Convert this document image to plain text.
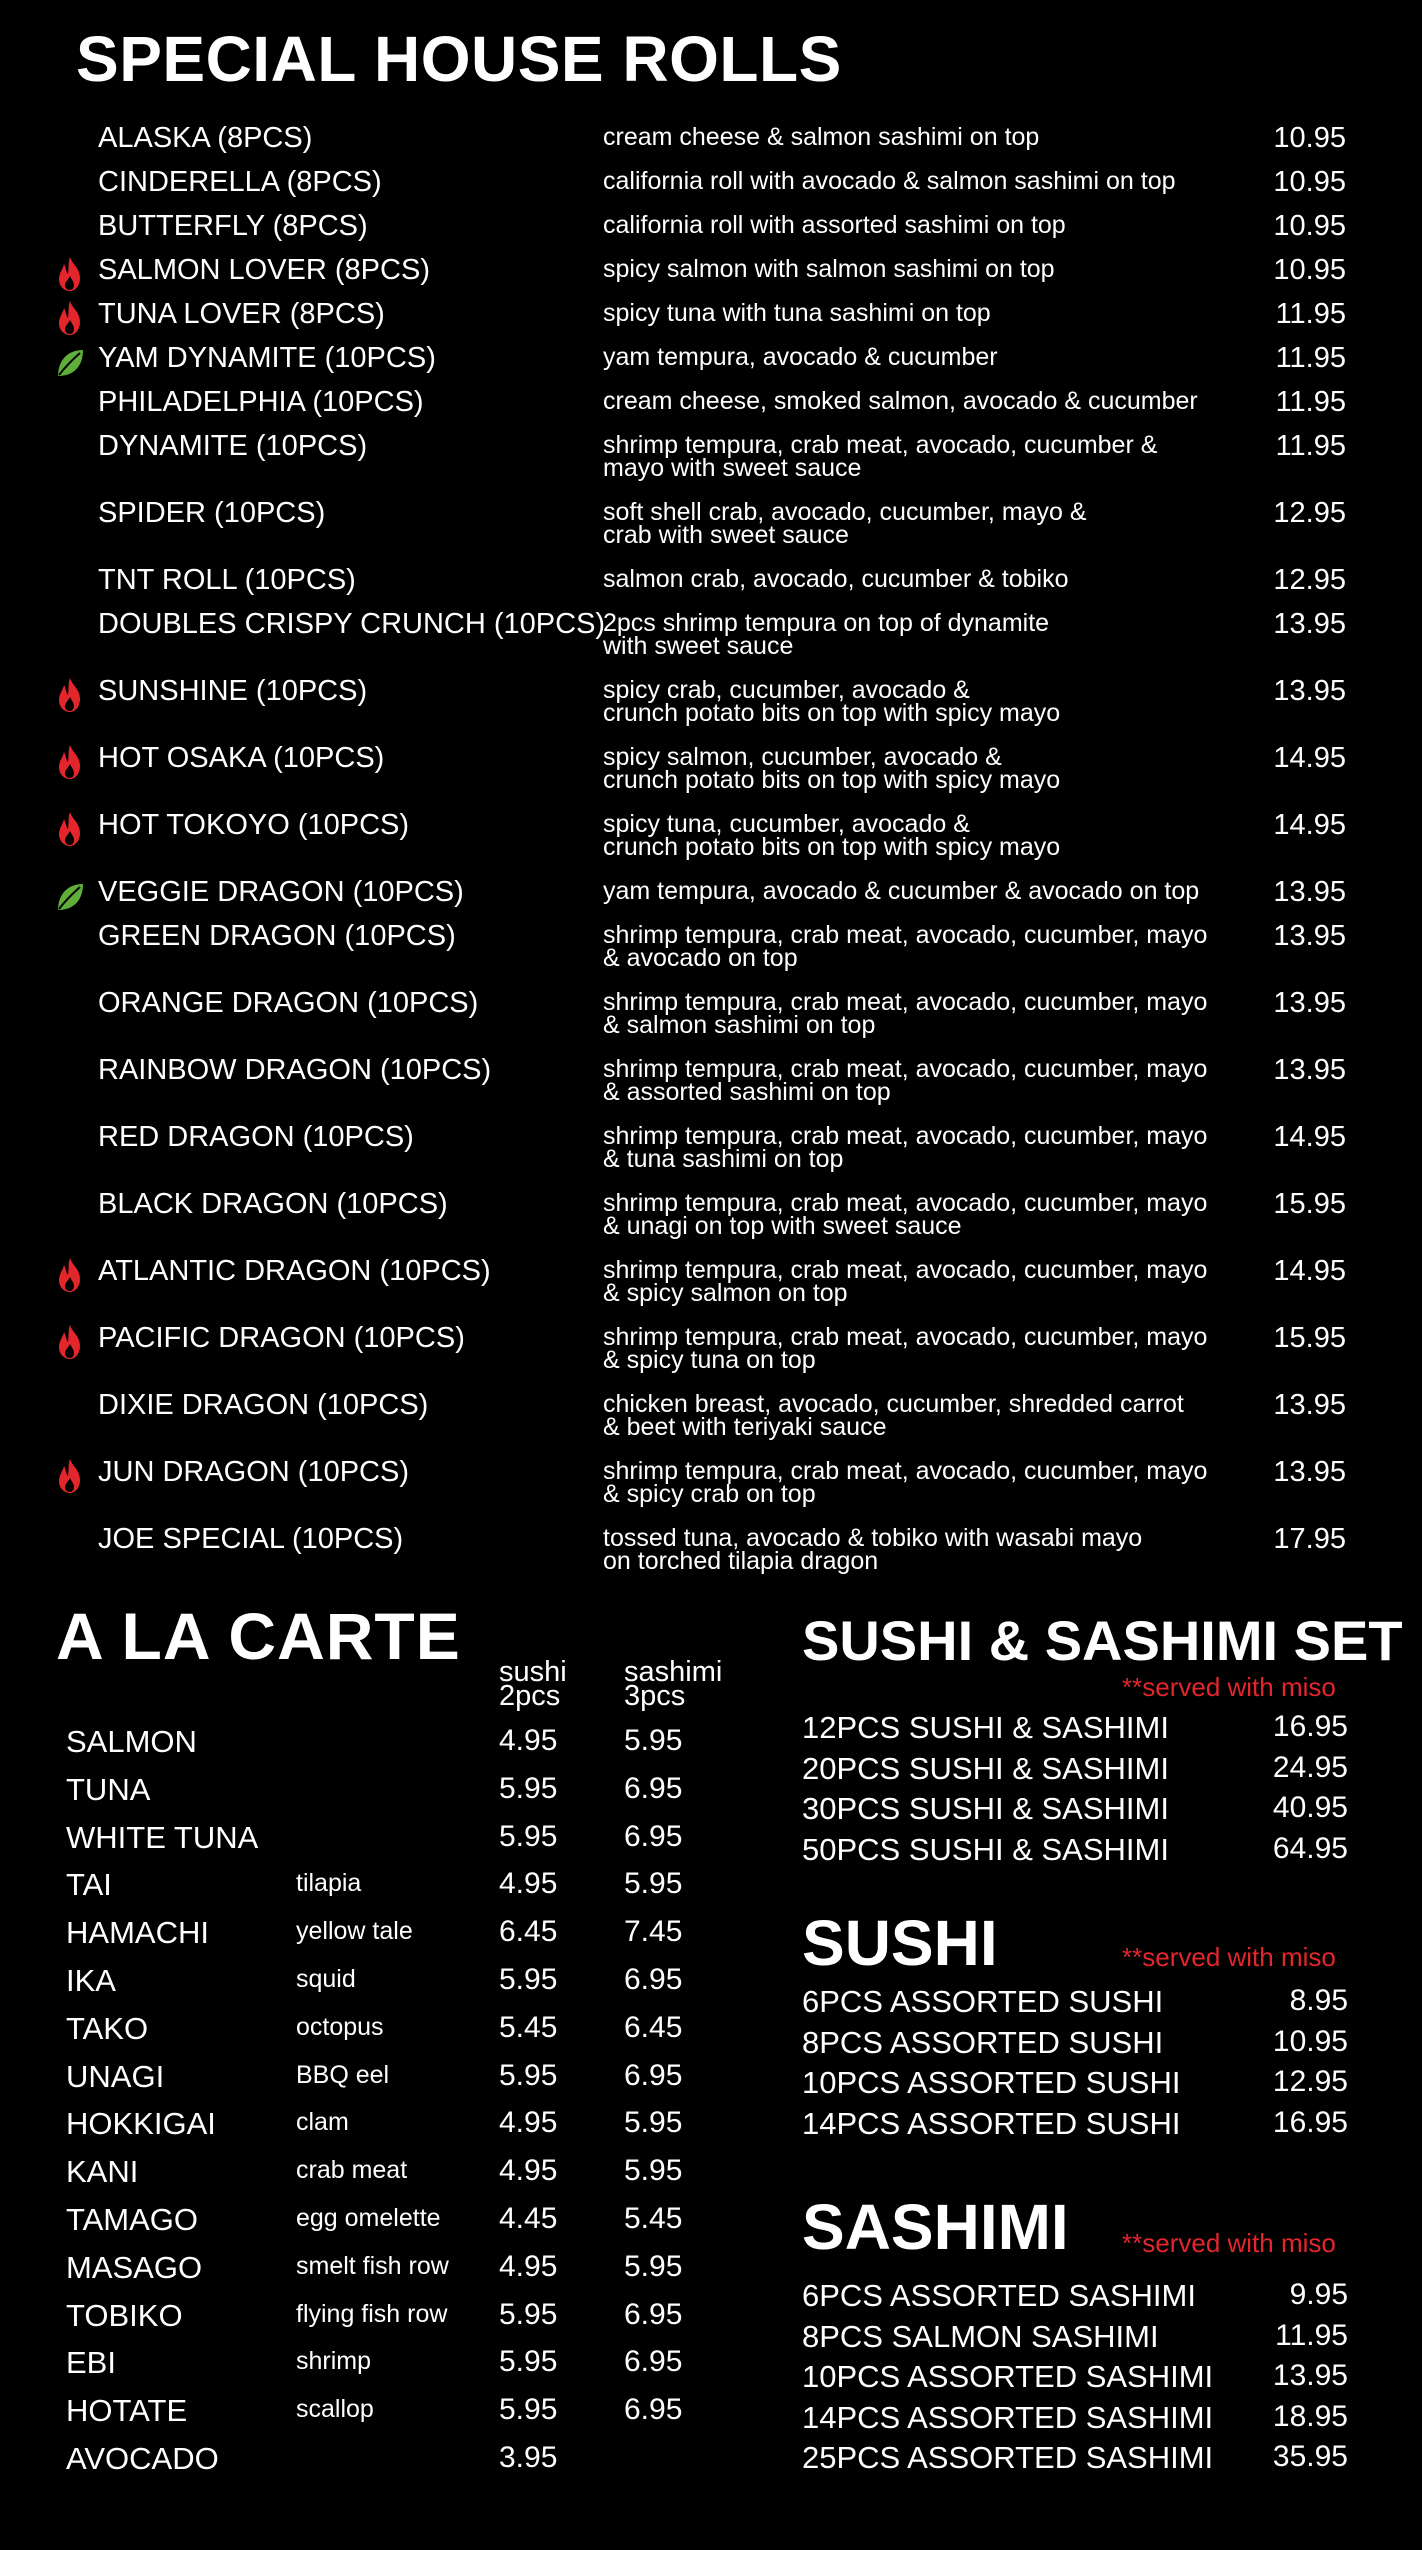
SPECIAL HOUSE ROLLS
ALASKA (8PCS)	cream cheese & salmon sashimi on top	10.95
CINDERELLA (8PCS)	california roll with avocado & salmon sashimi on top	10.95
BUTTERFLY (8PCS)	california roll with assorted sashimi on top	10.95
SALMON LOVER (8PCS)	spicy salmon with salmon sashimi on top	10.95
TUNA LOVER (8PCS)	spicy tuna with tuna sashimi on top	11.95
YAM DYNAMITE (10PCS)	yam tempura, avocado & cucumber	11.95
PHILADELPHIA (10PCS)	cream cheese, smoked salmon, avocado & cucumber	11.95
DYNAMITE (10PCS)	shrimp tempura, crab meat, avocado, cucumber &
mayo with sweet sauce
11.95
SPIDER (10PCS)	soft shell crab, avocado, cucumber, mayo &
crab with sweet sauce
12.95
TNT ROLL (10PCS)	salmon crab, avocado, cucumber & tobiko	12.95
DOUBLES CRISPY CRUNCH (10PCS)
2pcs shrimp tempura on top of dynamite
with sweet sauce
13.95
SUNSHINE (10PCS)	spicy crab, cucumber, avocado &
crunch potato bits on top with spicy mayo
13.95
HOT OSAKA (10PCS)	spicy salmon, cucumber, avocado &
crunch potato bits on top with spicy mayo
14.95
HOT TOKOYO (10PCS)	spicy tuna, cucumber, avocado &
crunch potato bits on top with spicy mayo
14.95
VEGGIE DRAGON (10PCS)	yam tempura, avocado & cucumber & avocado on top	13.95
GREEN DRAGON (10PCS)	shrimp tempura, crab meat, avocado, cucumber, mayo
& avocado on top
13.95
ORANGE DRAGON (10PCS)	shrimp tempura, crab meat, avocado, cucumber, mayo
& salmon sashimi on top
13.95
RAINBOW DRAGON (10PCS)	shrimp tempura, crab meat, avocado, cucumber, mayo
& assorted sashimi on top
13.95
RED DRAGON (10PCS)	shrimp tempura, crab meat, avocado, cucumber, mayo
& tuna sashimi on top
14.95
BLACK DRAGON (10PCS)	shrimp tempura, crab meat, avocado, cucumber, mayo
& unagi on top with sweet sauce
15.95
ATLANTIC DRAGON (10PCS)	shrimp tempura, crab meat, avocado, cucumber, mayo
& spicy salmon on top
14.95
PACIFIC DRAGON (10PCS)	shrimp tempura, crab meat, avocado, cucumber, mayo
& spicy tuna on top
15.95
DIXIE DRAGON (10PCS)	chicken breast, avocado, cucumber, shredded carrot
& beet with teriyaki sauce
13.95
JUN DRAGON (10PCS)	shrimp tempura, crab meat, avocado, cucumber, mayo
& spicy crab on top
13.95
JOE SPECIAL (10PCS)	tossed tuna, avocado & tobiko with wasabi mayo
on torched tilapia dragon
17.95
A LA CARTE sushi
2pcs
sashimi
3pcs
SALMON	4.95 5.95
TUNA	5.95 6.95
WHITE TUNA	5.95 6.95
TAI	tilapia	4.95 5.95
HAMACHI	yellow tale	6.45 7.45
IKA	squid	5.95 6.95
TAKO	octopus	5.45 6.45
UNAGI	BBQ eel	5.95 6.95
HOKKIGAI	clam	4.95 5.95
KANI	crab meat	4.95 5.95
TAMAGO	egg omelette 4.45 5.45
MASAGO	smelt fish row 4.95 5.95
TOBIKO	flying fish row 5.95 6.95
EBI	shrimp	5.95 6.95
HOTATE	scallop	5.95 6.95
AVOCADO	3.95
SUSHI & SASHIMI SET
**served with miso
12PCS SUSHI & SASHIMI	16.95
20PCS SUSHI & SASHIMI	24.95
30PCS SUSHI & SASHIMI	40.95
50PCS SUSHI & SASHIMI	64.95
SUSHI	**served with miso
6PCS ASSORTED SUSHI	8.95
8PCS ASSORTED SUSHI	10.95
10PCS ASSORTED SUSHI	12.95
14PCS ASSORTED SUSHI	16.95
SASHIMI **served with miso
6PCS ASSORTED SASHIMI	9.95
8PCS SALMON SASHIMI	11.95
10PCS ASSORTED SASHIMI 13.95
14PCS ASSORTED SASHIMI 18.95
25PCS ASSORTED SASHIMI 35.95
